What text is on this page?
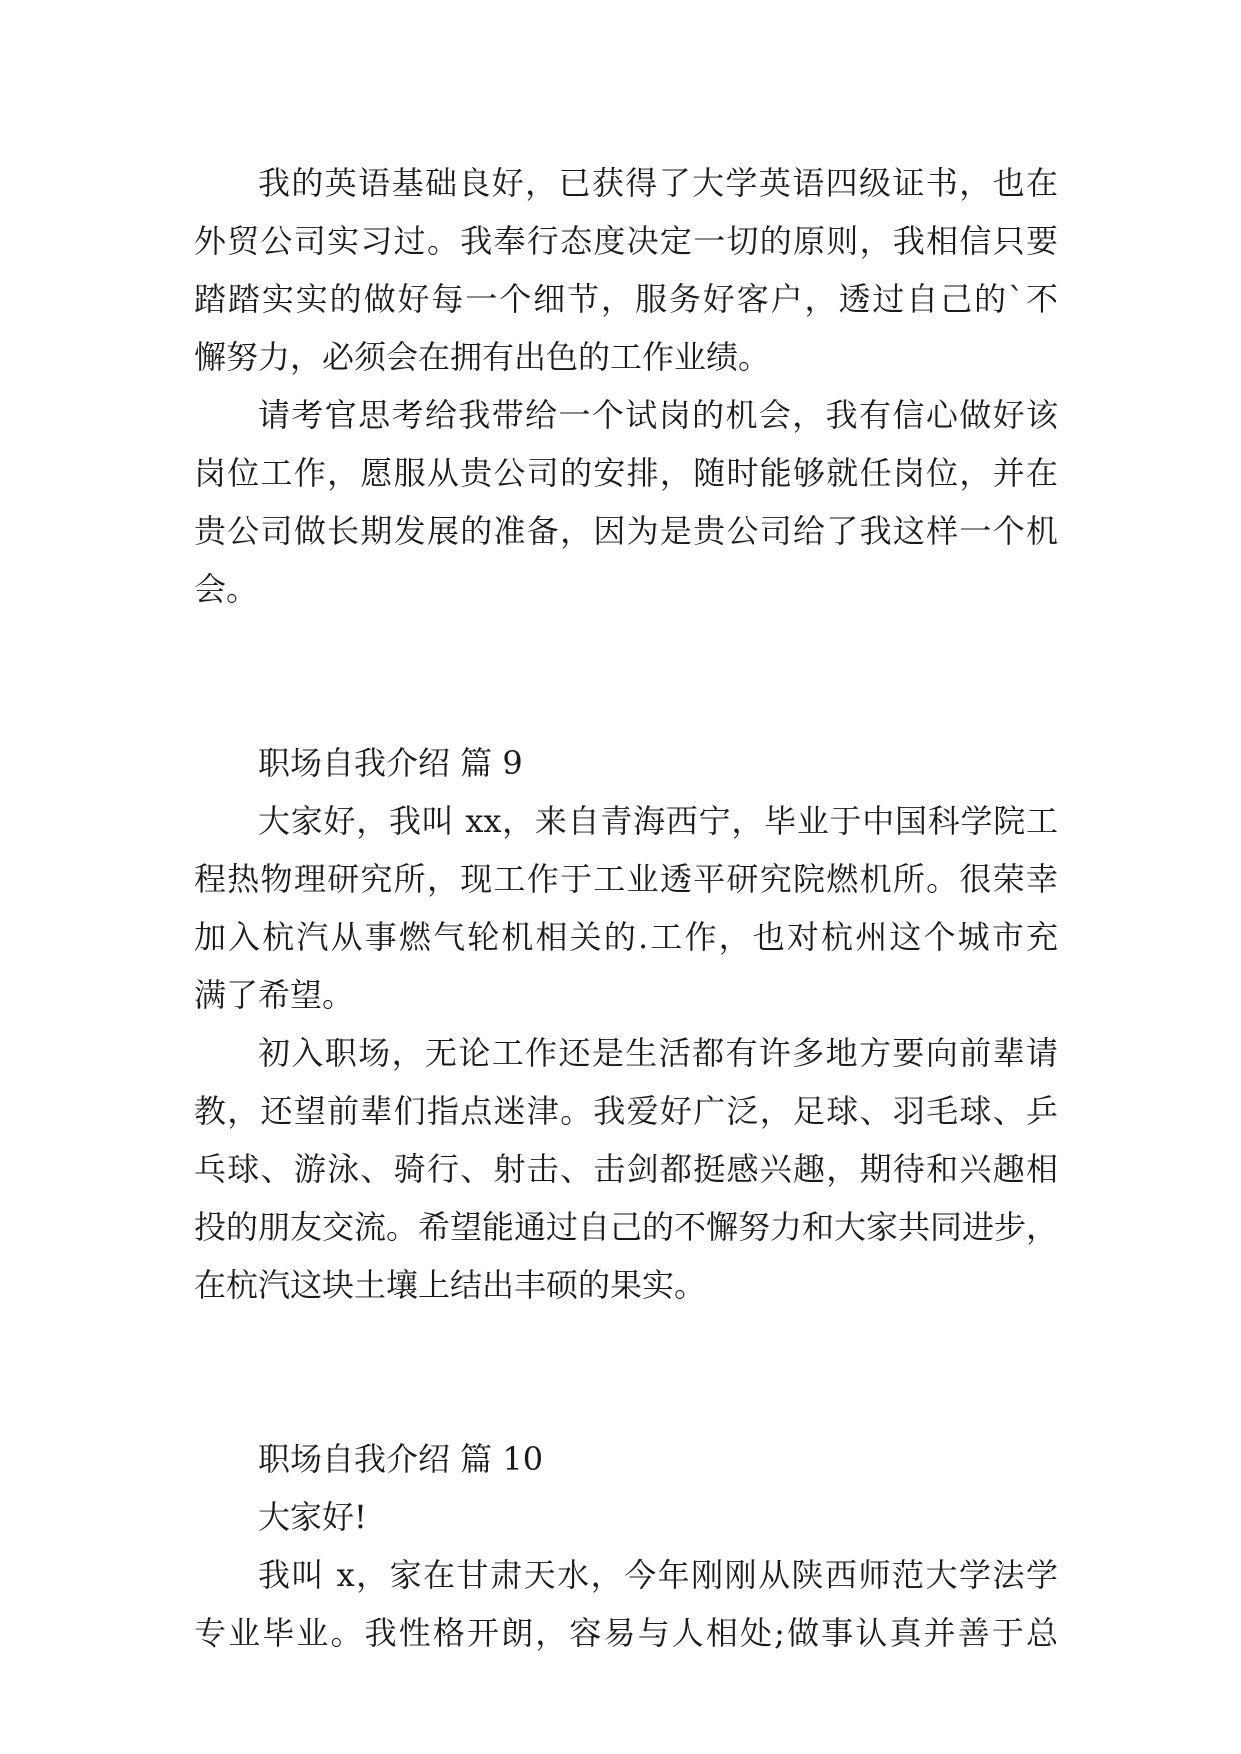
我的英语基础良好，已获得了大学英语四级证书，也在
外贸公司实习过。我奉行态度决定一切的原则，我相信只要
踏踏实实的做好每一个细节，服务好客户，透过自己的`不
懈努力，必须会在拥有出色的工作业绩。
请考官思考给我带给一个试岗的机会，我有信心做好该
岗位工作，愿服从贵公司的安排，随时能够就任岗位，并在
贵公司做长期发展的准备，因为是贵公司给了我这样一个机
会。
职场自我介绍 篇 9
大家好，我叫 xx，来自青海西宁，毕业于中国科学院工
程热物理研究所，现工作于工业透平研究院燃机所。很荣幸
加入杭汽从事燃气轮机相关的.工作，也对杭州这个城市充
满了希望。
初入职场，无论工作还是生活都有许多地方要向前辈请
教，还望前辈们指点迷津。我爱好广泛，足球、羽毛球、乒
乓球、游泳、骑行、射击、击剑都挺感兴趣，期待和兴趣相
投的朋友交流。希望能通过自己的不懈努力和大家共同进步，
在杭汽这块土壤上结出丰硕的果实。
职场自我介绍 篇 10
大家好!
我叫 x，家在甘肃天水，今年刚刚从陕西师范大学法学
专业毕业。我性格开朗，容易与人相处;做事认真并善于总
